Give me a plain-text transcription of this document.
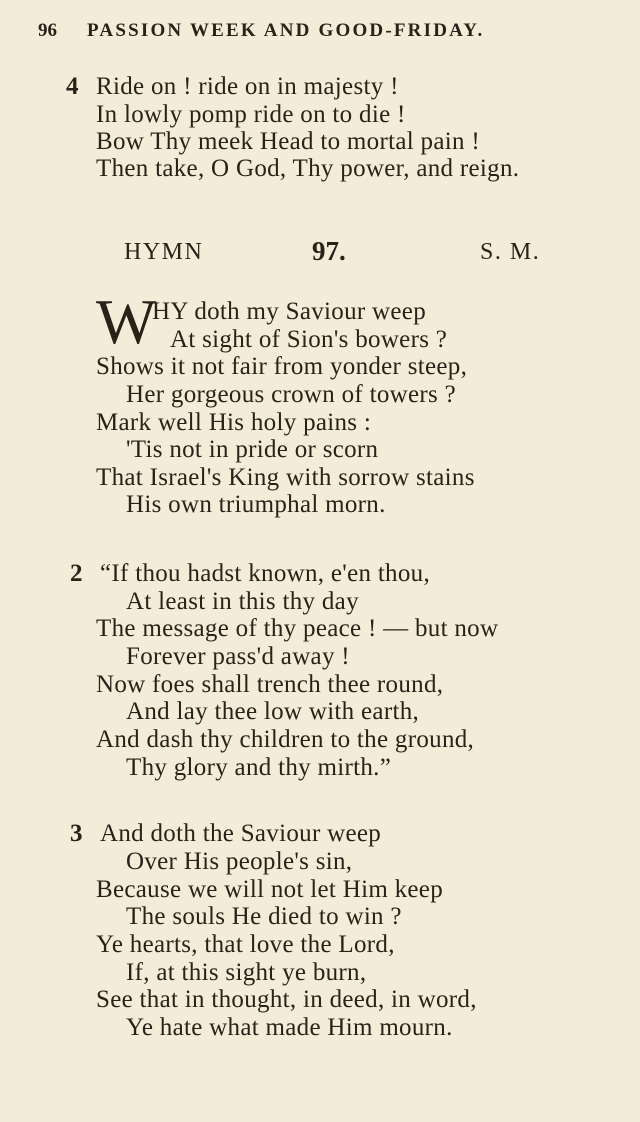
96 PASSION WEEK AND GOOD-FRIDAY.
4 Ride on ! ride on in majesty !
In lowly pomp ride on to die !
Bow Thy meek Head to mortal pain !
Then take, O God, Thy power, and reign.
HYMN	97.	S. M.
W
HY doth my Saviour weep
At sight of Sion's bowers ?
Shows it not fair from yonder steep,
Her gorgeous crown of towers ?
Mark well His holy pains :
'Tis not in pride or scorn
That Israel's King with sorrow stains
His own triumphal morn.
2 “If thou hadst known, e'en thou,
At least in this thy day
The message of thy peace ! — but now
Forever pass'd away !
Now foes shall trench thee round,
And lay thee low with earth,
And dash thy children to the ground,
Thy glory and thy mirth.”
3 And doth the Saviour weep
Over His people's sin,
Because we will not let Him keep
The souls He died to win ?
Ye hearts, that love the Lord,
If, at this sight ye burn,
See that in thought, in deed, in word,
Ye hate what made Him mourn.
